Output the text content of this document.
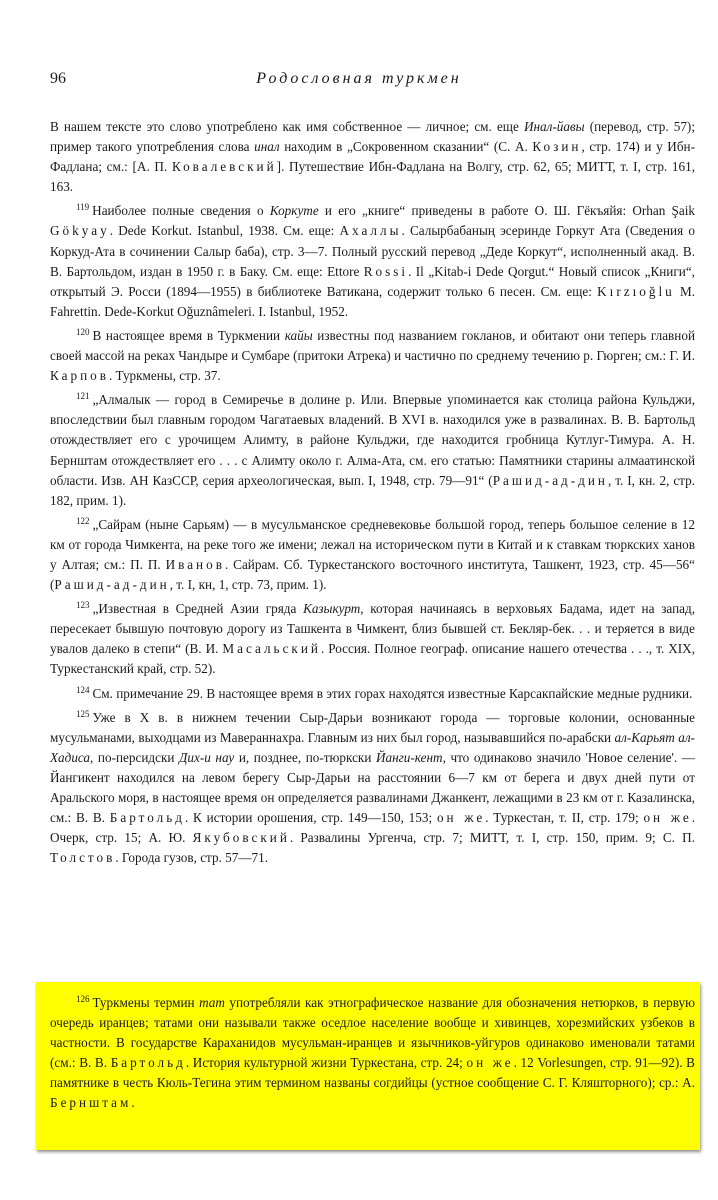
96	Родословная туркмен

В нашем тексте это слово употреблено как имя собственное — личное; см. еще Инал-йавы (перевод, стр. 57); пример такого употребления слова инал находим в „Сокровенном сказании“ (С. А. Козин, стр. 174) и у Ибн-Фадлана; см.: [А. П. Ковалевский]. Путешествие Ибн-Фадлана на Волгу, стр. 62, 65; МИТТ, т. I, стр. 161, 163.

$^{119}$ Наиболее полные сведения о Коркуте и его „книге“ приведены в работе О. Ш. Гёкъяйя: Orhan Şaik Gökyay. Dede Korkut. Istanbul, 1938. См. еще: Ахаллы. Салырбабаның эсеринде Горкут Ата (Сведения о Коркуд-Ата в сочинении Салыр баба), стр. 3—7. Полный русский перевод „Деде Коркут“, исполненный акад. В. В. Бартольдом, издан в 1950 г. в Баку. См. еще: Ettore Rossi. Il „Kitab-i Dede Qorgut.“ Новый список „Книги“, открытый Э. Росси (1894—1955) в библиотеке Ватикана, содержит только 6 песен. См. еще: Kırzıoğlu M. Fahrettin. Dede-Korkut Oğuznâmeleri. I. Istanbul, 1952.

$^{120}$ В настоящее время в Туркмении кайы известны под названием гокланов, и обитают они теперь главной своей массой на реках Чандыре и Сумбаре (притоки Атрека) и частично по среднему течению р. Гюрген; см.: Г. И. Карпов. Туркмены, стр. 37.

$^{121}$ „Алмалык — город в Семиречье в долине р. Или. Впервые упоминается как столица района Кульджи, впоследствии был главным городом Чагатаевых владений. В XVI в. находился уже в развалинах. В. В. Бартольд отождествляет его с урочищем Алимту, в районе Кульджи, где находится гробница Кутлуг-Тимура. А. Н. Бернштам отождествляет его . . . с Алимту около г. Алма-Ата, см. его статью: Памятники старины алмаатинской области. Изв. АН КазССР, серия археологическая, вып. I, 1948, стр. 79—91“ (Рашид-ад-дин, т. I, кн. 2, стр. 182, прим. 1).

$^{122}$ „Сайрам (ныне Сарьям) — в мусульманское средневековье большой город, теперь большое селение в 12 км от города Чимкента, на реке того же имени; лежал на историческом пути в Китай и к ставкам тюркских ханов у Алтая; см.: П. П. Иванов. Сайрам. Сб. Туркестанского восточного института, Ташкент, 1923, стр. 45—56“ (Рашид-ад-дин, т. I, кн, 1, стр. 73, прим. 1).

$^{123}$ „Известная в Средней Азии гряда Казыкурт, которая начинаясь в верховьях Бадама, идет на запад, пересекает бывшую почтовую дорогу из Ташкента в Чимкент, близ бывшей ст. Бекляр-бек. . . и теряется в виде увалов далеко в степи“ (В. И. Масальский. Россия. Полное географ. описание нашего отечества . . ., т. XIX, Туркестанский край, стр. 52).

$^{124}$ См. примечание 29. В настоящее время в этих горах находятся известные Карсакпайские медные рудники.

$^{125}$ Уже в X в. в нижнем течении Сыр-Дарьи возникают города — торговые колонии, основанные мусульманами, выходцами из Мавераннахра. Главным из них был город, называвшийся по-арабски ал-Карьят ал-Хадиса, по-персидски Дих-и нау и, позднее, по-тюркски Йанги-кент, что одинаково значило 'Новое селение'. — Йангикент находился на левом берегу Сыр-Дарьи на расстоянии 6—7 км от берега и двух дней пути от Аральского моря, в настоящее время он определяется развалинами Джанкент, лежащими в 23 км от г. Казалинска, см.: В. В. Бартольд. К истории орошения, стр. 149—150, 153; он же. Туркестан, т. II, стр. 179; он же. Очерк, стр. 15; А. Ю. Якубовский. Развалины Ургенча, стр. 7; МИТТ, т. I, стр. 150, прим. 9; С. П. Толстов. Города гузов, стр. 57—71.

$^{126}$ Туркмены термин тат употребляли как этнографическое название для обозначения нетюрков, в первую очередь иранцев; татами они называли также оседлое население вообще и хивинцев, хорезмийских узбеков в частности. В государстве Караханидов мусульман-иранцев и язычников-уйгуров одинаково именовали татами (см.: В. В. Бартольд. История культурной жизни Туркестана, стр. 24; он же. 12 Vorlesungen, стр. 91—92). В памятнике в честь Кюль-Тегина этим термином названы согдийцы (устное сообщение С. Г. Кляшторного); ср.: А. Бернштам.
